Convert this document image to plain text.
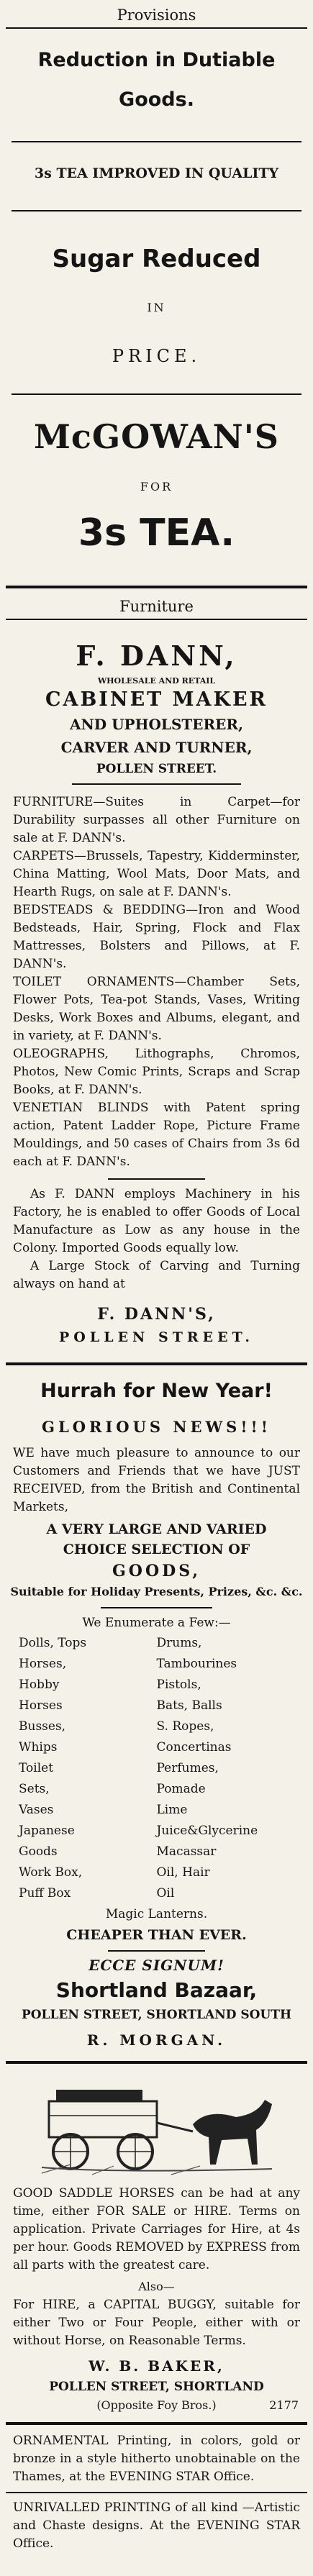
Provisions
Reduction in Dutiable
Goods.
3s TEA IMPROVED IN QUALITY
Sugar Reduced
IN
PRICE.
McGOWAN'S
FOR
3s TEA.
Furniture
F. DANN,
WHOLESALE AND RETAIL
CABINET MAKER
AND UPHOLSTERER,
CARVER AND TURNER,
POLLEN STREET.

FURNITURE—Suites in Carpet—for Durability surpasses all other Furniture on sale at F. DANN's.

CARPETS—Brussels, Tapestry, Kidderminster, China Matting, Wool Mats, Door Mats, and Hearth Rugs, on sale at F. DANN's.

BEDSTEADS & BEDDING—Iron and Wood Bedsteads, Hair, Spring, Flock and Flax Mattresses, Bolsters and Pillows, at F. DANN's.

TOILET ORNAMENTS—Chamber Sets, Flower Pots, Tea-pot Stands, Vases, Writing Desks, Work Boxes and Albums, elegant, and in variety, at F. DANN's.

OLEOGRAPHS, Lithographs, Chromos, Photos, New Comic Prints, Scraps and Scrap Books, at F. DANN's.

VENETIAN BLINDS with Patent spring action, Patent Ladder Rope, Picture Frame Mouldings, and 50 cases of Chairs from 3s 6d each at F. DANN's.

As F. DANN employs Machinery in his Factory, he is enabled to offer Goods of Local Manufacture as Low as any house in the Colony. Imported Goods equally low.

A Large Stock of Carving and Turning always on hand at

F. DANN'S,
POLLEN STREET.
Hurrah for New Year!
GLORIOUS NEWS!!!

WE have much pleasure to announce to our Customers and Friends that we have JUST RECEIVED, from the British and Continental Markets,

A VERY LARGE AND VARIED
CHOICE SELECTION OF
GOODS,
Suitable for Holiday Presents, Prizes, &c. &c.
We Enumerate a Few:—
Dolls, Tops
Horses, Hobby Horses
Busses, Whips
Toilet Sets, Vases
Japanese Goods
Work Box, Puff Box
Drums, Tambourines
Pistols, Bats, Balls
S. Ropes, Concertinas
Perfumes, Pomade
Lime Juice&Glycerine
Macassar Oil, Hair Oil
Magic Lanterns.
CHEAPER THAN EVER.
ECCE SIGNUM!
Shortland Bazaar,
POLLEN STREET, SHORTLAND SOUTH
R. MORGAN.

GOOD SADDLE HORSES can be had at any time, either FOR SALE or HIRE. Terms on application. Private Carriages for Hire, at 4s per hour. Goods REMOVED by EXPRESS from all parts with the greatest care.

Also—

For HIRE, a CAPITAL BUGGY, suitable for either Two or Four People, either with or without Horse, on Reasonable Terms.

W. B. BAKER,
POLLEN STREET, SHORTLAND
(Opposite Foy Bros.)	2177

ORNAMENTAL Printing, in colors, gold or bronze in a style hitherto unobtainable on the Thames, at the EVENING STAR Office.

UNRIVALLED PRINTING of all kind —Artistic and Chaste designs. At the EVENING STAR Office.
